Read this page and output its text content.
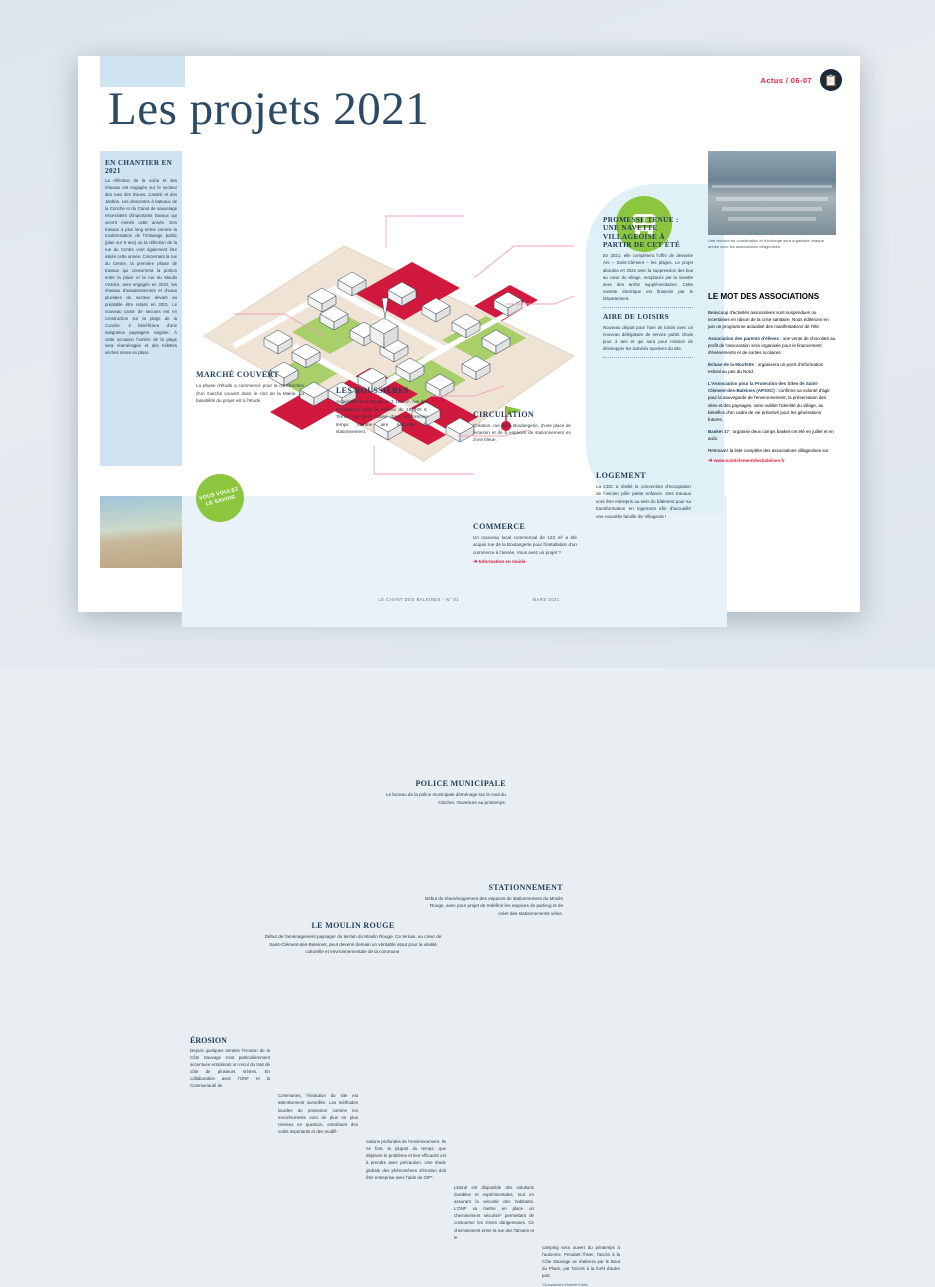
Les projets 2021
Actus / 06-07	📋
EN CHANTIER EN 2021

La réfection de la voirie et des réseaux est engagée sur le secteur des rues des Doues, Casimir et des Jardins. Les descentes à bateaux de la Conche et du Canot de sauvetage nécessitent d'importants travaux qui seront menés cette année. Des travaux à plus long terme comme la modernisation de l'éclairage public (plan sur 5 ans) ou la réfection de la rue du Centre vont également être initiés cette année. Concernant la rue du Centre, la première phase de travaux qui concernera la portion entre la place et la rue du Moulin Victoire, sera engagée en 2022, les réseaux d'assainissement et d'eaux pluviales du secteur devant au préalable être refaits en 2021. Le nouveau poste de secours est en construction sur la plage de la Conche. Il bénéficiera d'une intégration paysagère soignée. À cette occasion l'arrière de la plage sera réaménagée et des toilettes sèches mises en place.

MARCHÉ COUVERT

La phase d'étude a commencé pour la construction d'un marché couvert dans le clos de la Mairie. La faisabilité du projet est à l'étude.

LES ROUSSIÈRES

Acquisition d'un terrain de 3 190 m², rue des Roussières, pour la somme de 19 400 €. Terrain qui sera utilisé dans un premier temps comme aire naturelle de stationnement.

CIRCULATION

Création, rue de la Boulangerie, d'une place de livraison et de 5 espaces de stationnement en zone bleue.

COMMERCE

Un nouveau local commercial de 123 m² a été acquis rue de la Boulangerie pour l'installation d'un commerce à l'année. Vous avez un projet ?

➔ Information en mairie
LOGEMENT

La CDC a résilié la convention d'occupation de l'ancien pôle petite enfance. Des travaux vont être entrepris au sein du bâtiment pour sa transformation en logement afin d'accueillir une nouvelle famille de Villageois !

POLICE MUNICIPALE

Le bureau de la police municipale déménage sur le mail du Clocher. Ouverture au printemps.

STATIONNEMENT

Début du réaménagement des espaces de stationnement du Moulin Rouge, avec pour projet de redéfinir les espaces de parking et de créer des stationnements vélos.

LE MOULIN ROUGE

Début de l'aménagement paysager du terrain du Moulin Rouge. Ce terrain, au cœur de Saint-Clément-des-Baleines, peut devenir demain un véritable atout pour la vitalité culturelle et environnementale de la commune.

VOUS VOULEZ LE SAVOIR
PROMESSE TENUE : UNE NAVETTE VILLAGEOISE À PARTIR DE CET ÉTÉ

En 2021, elle complètera l'offre de desserte Ars – Saint-Clément – les plages. Le projet aboutira en 2022 avec la suppression des bus au cœur du village, remplacés par la navette avec des arrêts supplémentaires. Cette navette électrique est financée par le Département.

AIRE DE LOISIRS

Nouveau départ pour l'aire de loisirs avec un nouveau délégataire de service public choisi pour 3 ans et qui aura pour mission de développer les activités sportives du site.

Une réunion de coordination et d'échange sera organisée chaque année avec les associations villageoises.
LE MOT DES ASSOCIATIONS

Beaucoup d'activités associatives sont suspendues ou incertaines en raison de la crise sanitaire. Nous éditerons en juin un programme actualisé des manifestations de l'été.

Association des parents d'élèves : une vente de chocolats au profit de l'association sera organisée pour le financement d'évènements et de sorties scolaires.

Écluse de la Moufette : organisera un point d'information estival au pas du Nord.

L'Association pour la Protection des Sites de Saint-Clément-des-Baleines (APSSC) : confirme sa volonté d'agir pour la sauvegarde de l'environnement, la préservation des sites et des paysages, sans oublier l'identité du village, au bénéfice d'un cadre de vie préservé pour les générations futures.

Basket 17 : organise deux camps basket cet été en juillet et en août.

Retrouvez la liste complète des associations villageoises sur

➔ www.saintclementdesbaleines.fr
ÉROSION

Depuis quelques années l'érosion de la Côte Sauvage s'est particulièrement accentuée entraînant un recul du trait de côte de plusieurs mètres. En collaboration avec l'ONF et la Communauté de

Communes, l'évolution du site est attentivement surveillée. Les méthodes lourdes de protection comme les enrochements sont de plus en plus remises en question, entraînant des coûts importants et des modifi-

cations profondes de l'environnement. Ils ne font, la plupart du temps, que déplacer le problème et leur efficacité est à prendre avec précaution. Une étude globale des phénomènes d'érosion doit être entreprise avec l'aide du GIP*.

Littoral est disponible des solutions durables et expérimentales, tout en assurant la sécurité des habitants. L'ONF va mettre en place un cheminement sécurisé* permettant de contourner les zones dangereuses. Ce cheminement entre la rue des Tamaris et le

camping sera ouvert du printemps à l'automne. Pendant l'hiver, l'accès à la Côte Sauvage se réalisera par le Bout du Phare, par l'accès à la forêt d'autre part.

*Groupement d'Intérêt Public.
LE CHANT DES BALEINES - N° 01	MARS 2021
